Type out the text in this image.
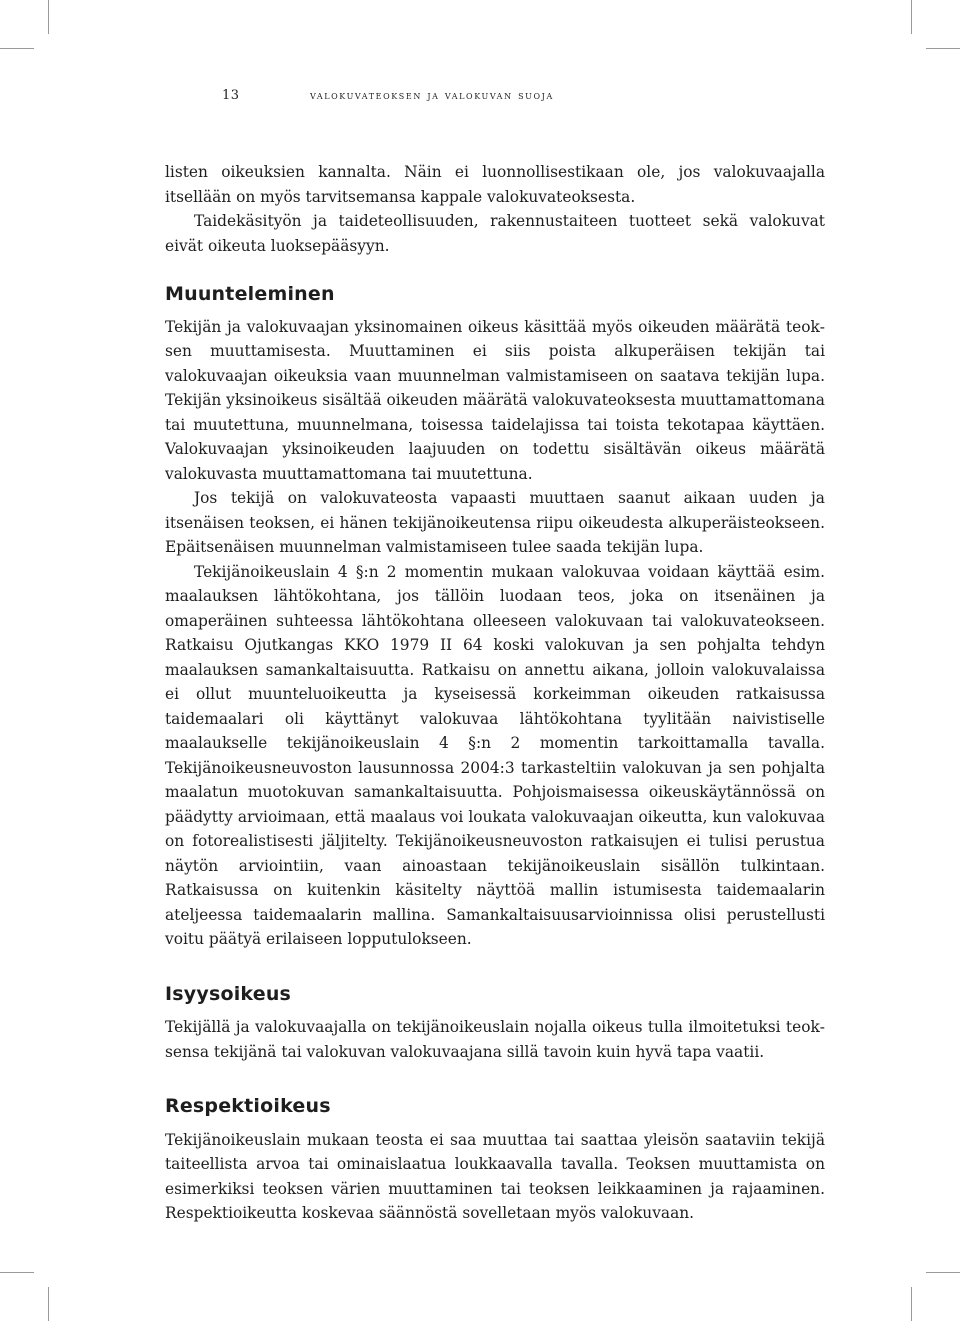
13	valokuvateoksen ja valokuvan suoja

listen oikeuksien kannalta. Näin ei luonnollisestikaan ole, jos valokuvaajalla itsellään on myös tarvitsemansa kappale valokuvateoksesta.

Taidekäsityön ja taideteollisuuden, rakennustaiteen tuotteet sekä valokuvat eivät oikeuta luoksepääsyyn.

Muunteleminen

Tekijän ja valokuvaajan yksinomainen oikeus käsittää myös oikeuden määrätä teoksen muuttamisesta. Muuttaminen ei siis poista alkuperäisen tekijän tai valokuvaajan oikeuksia vaan muunnelman valmistamiseen on saatava tekijän lupa. Tekijän yksinoikeus sisältää oikeuden määrätä valokuvateoksesta muuttamattomana tai muutettuna, muunnelmana, toisessa taidelajissa tai toista tekotapaa käyttäen. Valokuvaajan yksinoikeuden laajuuden on todettu sisältävän oikeus määrätä valokuvasta muuttamattomana tai muutettuna.

Jos tekijä on valokuvateosta vapaasti muuttaen saanut aikaan uuden ja itsenäisen teoksen, ei hänen tekijänoikeutensa riipu oikeudesta alkuperäisteokseen. Epäitsenäisen muunnelman valmistamiseen tulee saada tekijän lupa.

Tekijänoikeuslain 4 §:n 2 momentin mukaan valokuvaa voidaan käyttää esim. maalauksen lähtökohtana, jos tällöin luodaan teos, joka on itsenäinen ja omaperäinen suhteessa lähtökohtana olleeseen valokuvaan tai valokuvateokseen. Ratkaisu Ojutkangas KKO 1979 II 64 koski valokuvan ja sen pohjalta tehdyn maalauksen samankaltaisuutta. Ratkaisu on annettu aikana, jolloin valokuvalaissa ei ollut muunteluoikeutta ja kyseisessä korkeimman oikeuden ratkaisussa taidemaalari oli käyttänyt valokuvaa lähtökohtana tyylitään naivistiselle maalaukselle tekijänoikeuslain 4 §:n 2 momentin tarkoittamalla tavalla. Tekijänoikeusneuvoston lausunnossa 2004:3 tarkasteltiin valokuvan ja sen pohjalta maalatun muotokuvan samankaltaisuutta. Pohjoismaisessa oikeuskäytännössä on päädytty arvioimaan, että maalaus voi loukata valokuvaajan oikeutta, kun valokuvaa on fotorealistisesti jäljitelty. Tekijänoikeusneuvoston ratkaisujen ei tulisi perustua näytön arviointiin, vaan ainoastaan tekijänoikeuslain sisällön tulkintaan. Ratkaisussa on kuitenkin käsitelty näyttöä mallin istumisesta taidemaalarin ateljeessa taidemaalarin mallina. Samankaltaisuusarvioinnissa olisi perustellusti voitu päätyä erilaiseen lopputulokseen.

Isyysoikeus

Tekijällä ja valokuvaajalla on tekijänoikeuslain nojalla oikeus tulla ilmoitetuksi teoksensa tekijänä tai valokuvan valokuvaajana sillä tavoin kuin hyvä tapa vaatii.

Respektioikeus

Tekijänoikeuslain mukaan teosta ei saa muuttaa tai saattaa yleisön saataviin tekijä taiteellista arvoa tai ominaislaatua loukkaavalla tavalla. Teoksen muuttamista on esimerkiksi teoksen värien muuttaminen tai teoksen leikkaaminen ja rajaaminen. Respektioikeutta koskevaa säännöstä sovelletaan myös valokuvaan.
